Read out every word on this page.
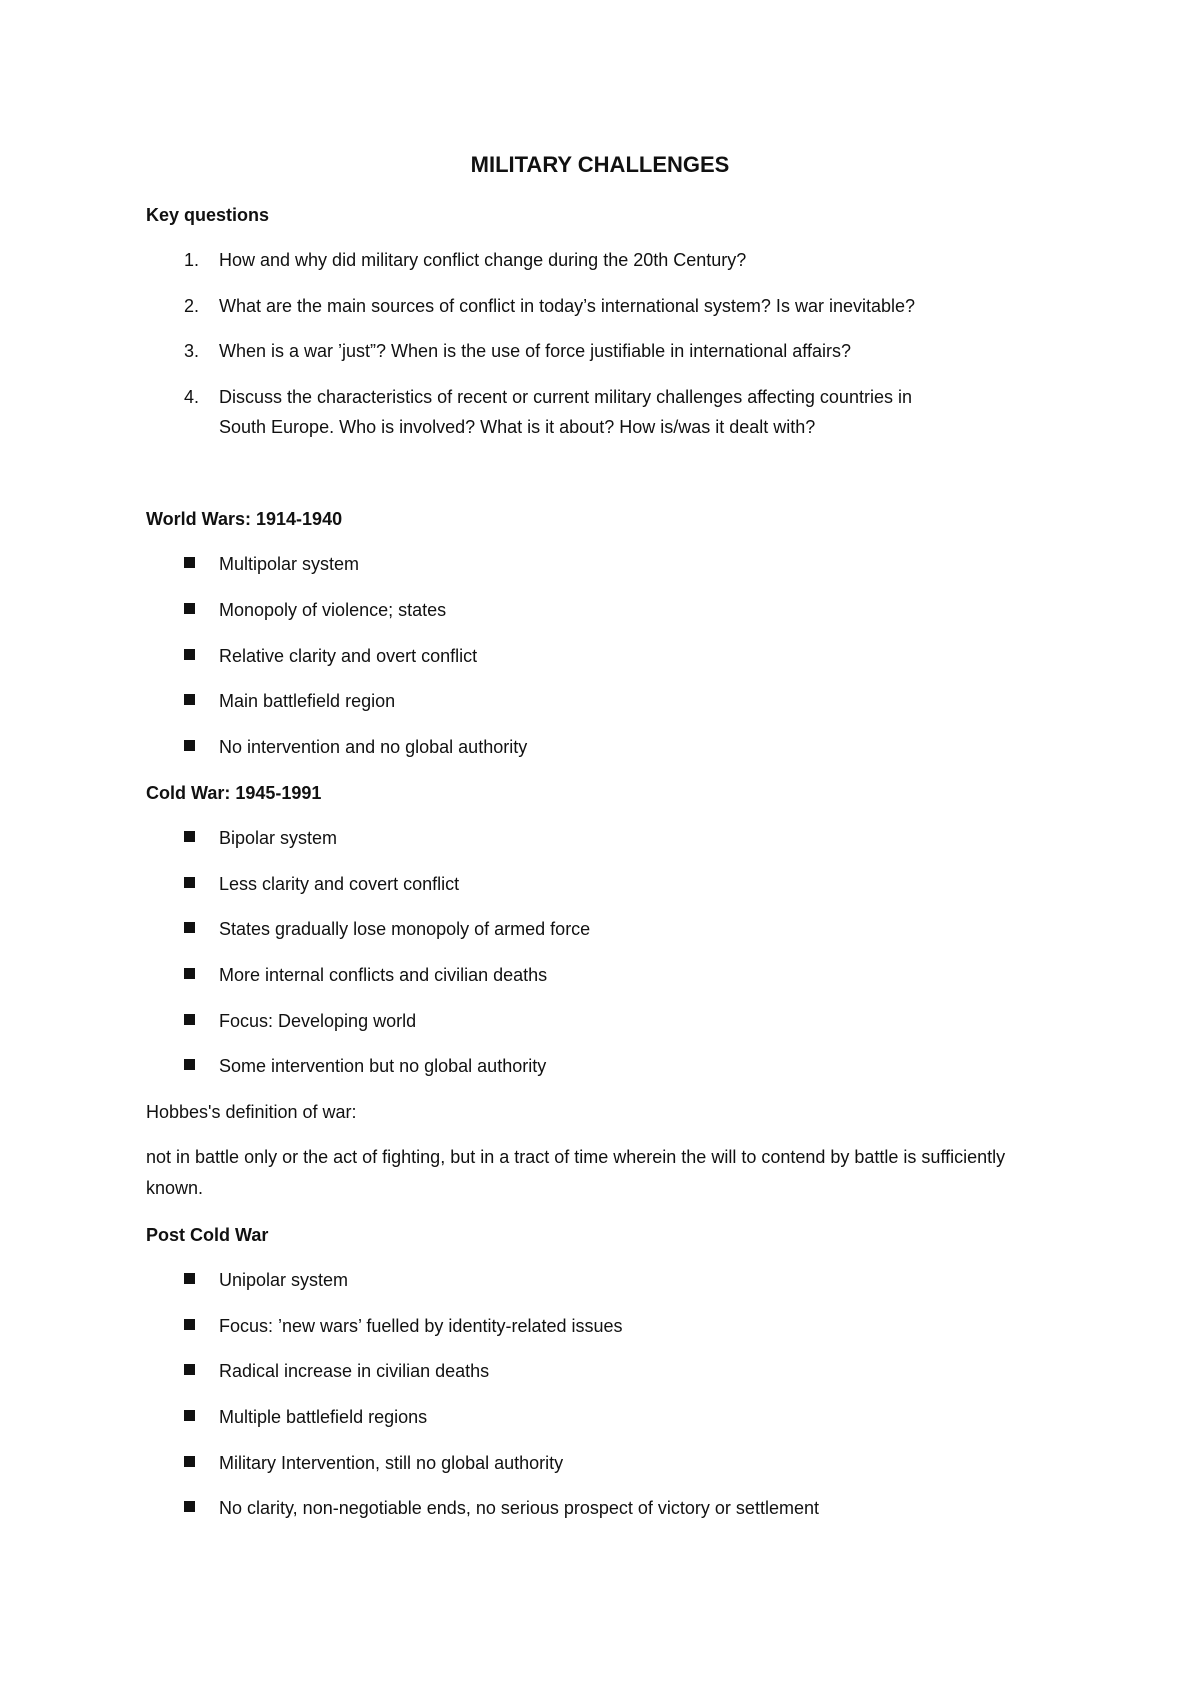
MILITARY CHALLENGES
Key questions
1. How and why did military conflict change during the 20th Century?
2. What are the main sources of conflict in today’s international system? Is war inevitable?
3. When is a war ’just”? When is the use of force justifiable in international affairs?
4. Discuss the characteristics of recent or current military challenges affecting countries in
South Europe. Who is involved? What is it about? How is/was it dealt with?
World Wars: 1914-1940
Multipolar system
Monopoly of violence; states
Relative clarity and overt conflict
Main battlefield region
No intervention and no global authority
Cold War: 1945-1991
Bipolar system
Less clarity and covert conflict
States gradually lose monopoly of armed force
More internal conflicts and civilian deaths
Focus: Developing world
Some intervention but no global authority
Hobbes's definition of war:
not in battle only or the act of fighting, but in a tract of time wherein the will to contend by battle is sufficiently known.
Post Cold War
Unipolar system
Focus: ’new wars’ fuelled by identity-related issues
Radical increase in civilian deaths
Multiple battlefield regions
Military Intervention, still no global authority
No clarity, non-negotiable ends, no serious prospect of victory or settlement
